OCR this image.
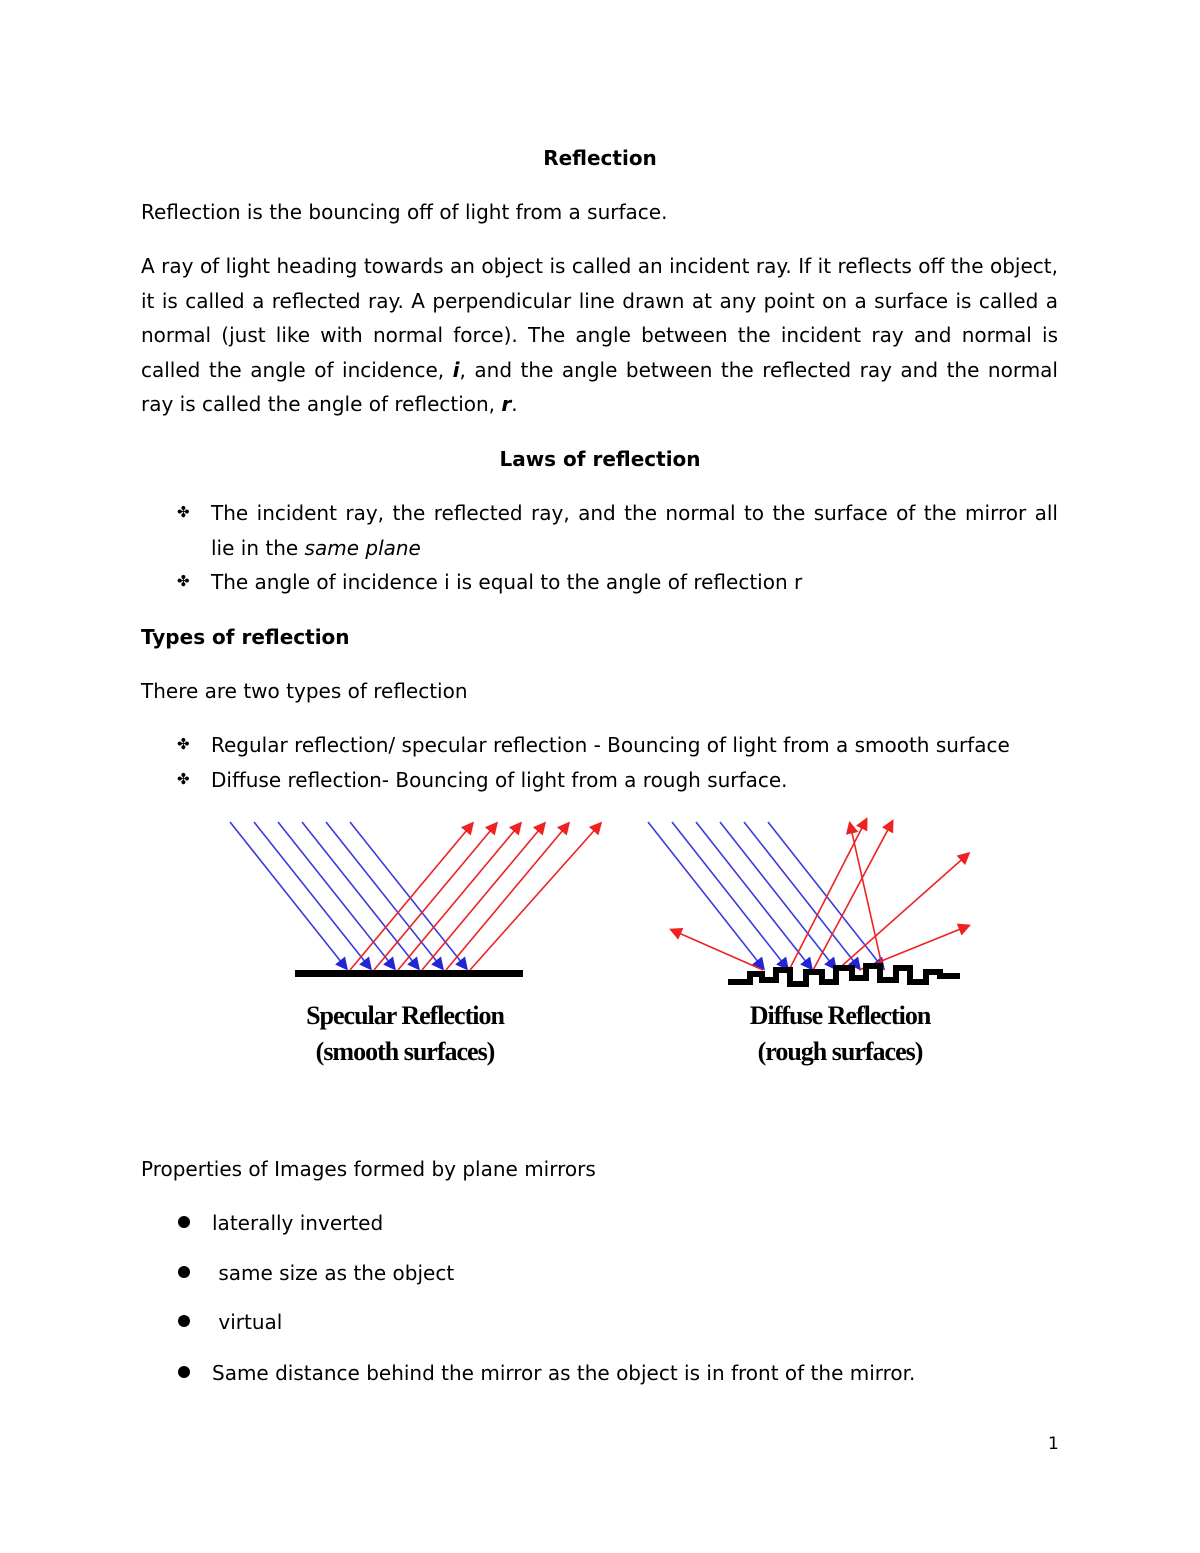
Reflection
Reflection is the bouncing off of light from a surface.
A ray of light heading towards an object is called an incident ray. If it reflects off the object, it is called a reflected ray. A perpendicular line drawn at any point on a surface is called a normal (just like with normal force). The angle between the incident ray and normal is called the angle of incidence, i, and the angle between the reflected ray and the normal ray is called the angle of reflection, r.
Laws of reflection
✤ The incident ray, the reflected ray, and the normal to the surface of the mirror all
lie in the same plane
✤ The angle of incidence i is equal to the angle of reflection r
Types of reflection
There are two types of reflection
✤ Regular reflection/ specular reflection - Bouncing of light from a smooth surface
✤ Diffuse reflection- Bouncing of light from a rough surface.
Specular Reflection
(smooth surfaces)
Diffuse Reflection
(rough surfaces)
Properties of Images formed by plane mirrors
laterally inverted
same size as the object
virtual
Same distance behind the mirror as the object is in front of the mirror.
1
